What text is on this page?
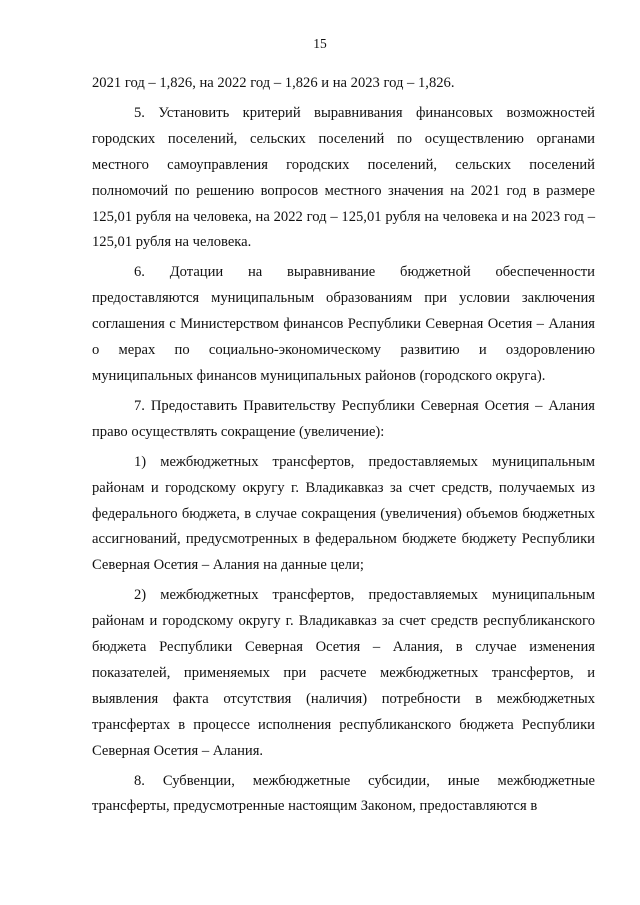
15

2021 год – 1,826, на 2022 год – 1,826 и на 2023 год – 1,826.

5. Установить критерий выравнивания финансовых возможностей городских поселений, сельских поселений по осуществлению органами местного самоуправления городских поселений, сельских поселений полномочий по решению вопросов местного значения на 2021 год в размере 125,01 рубля на человека, на 2022 год – 125,01 рубля на человека и на 2023 год – 125,01 рубля на человека.

6. Дотации на выравнивание бюджетной обеспеченности предоставляются муниципальным образованиям при условии заключения соглашения с Министерством финансов Республики Северная Осетия – Алания о мерах по социально-экономическому развитию и оздоровлению муниципальных финансов муниципальных районов (городского округа).

7. Предоставить Правительству Республики Северная Осетия – Алания право осуществлять сокращение (увеличение):

1) межбюджетных трансфертов, предоставляемых муниципальным районам и городскому округу г. Владикавказ за счет средств, получаемых из федерального бюджета, в случае сокращения (увеличения) объемов бюджетных ассигнований, предусмотренных в федеральном бюджете бюджету Республики Северная Осетия – Алания на данные цели;

2) межбюджетных трансфертов, предоставляемых муниципальным районам и городскому округу г. Владикавказ за счет средств республиканского бюджета Республики Северная Осетия – Алания, в случае изменения показателей, применяемых при расчете межбюджетных трансфертов, и выявления факта отсутствия (наличия) потребности в межбюджетных трансфертах в процессе исполнения республиканского бюджета Республики Северная Осетия – Алания.

8. Субвенции, межбюджетные субсидии, иные межбюджетные трансферты, предусмотренные настоящим Законом, предоставляются в
